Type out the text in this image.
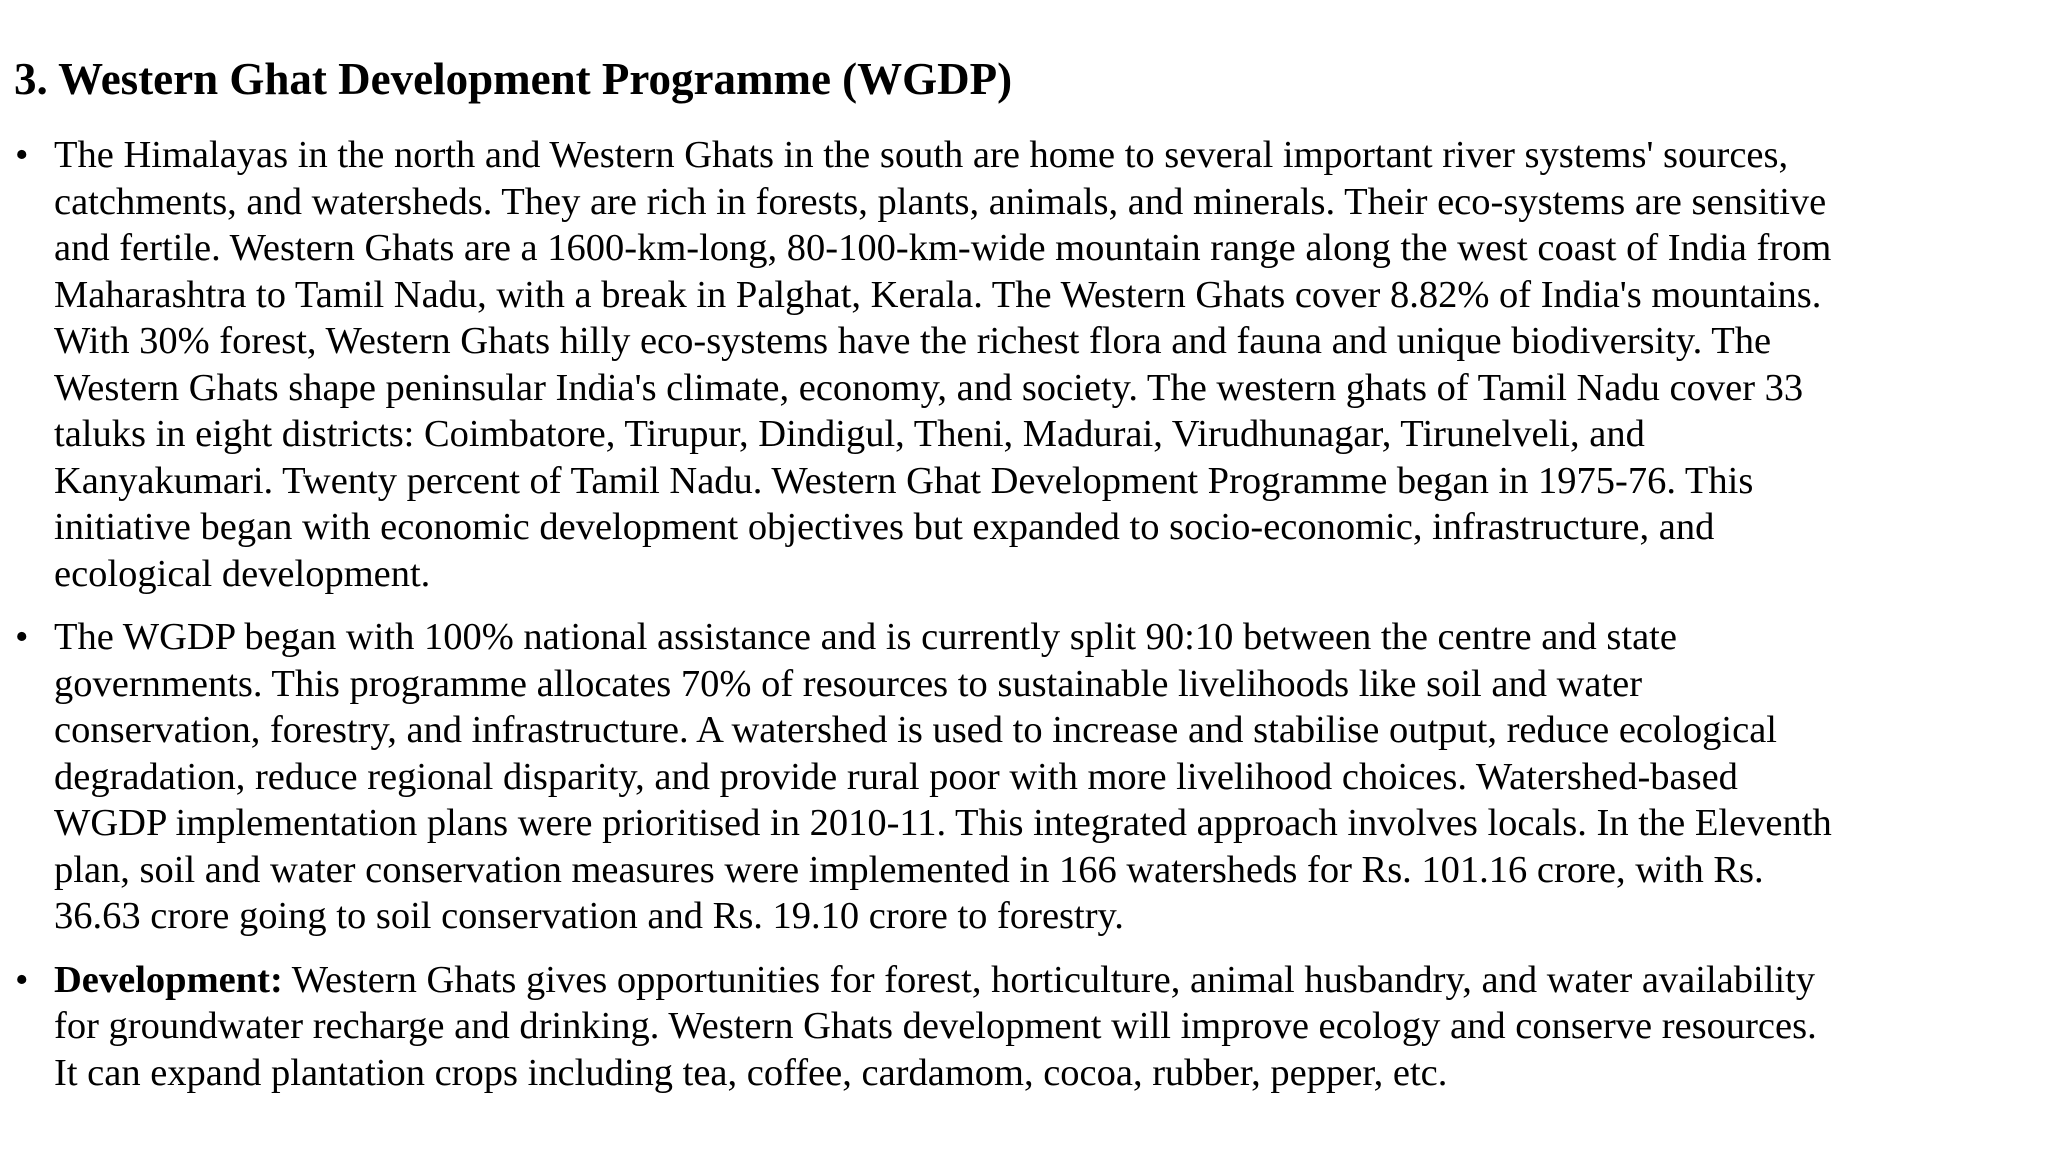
3. Western Ghat Development Programme (WGDP)
• The Himalayas in the north and Western Ghats in the south are home to several important river systems' sources,
catchments, and watersheds. They are rich in forests, plants, animals, and minerals. Their eco-systems are sensitive
and fertile. Western Ghats are a 1600-km-long, 80-100-km-wide mountain range along the west coast of India from
Maharashtra to Tamil Nadu, with a break in Palghat, Kerala. The Western Ghats cover 8.82% of India's mountains.
With 30% forest, Western Ghats hilly eco-systems have the richest flora and fauna and unique biodiversity. The
Western Ghats shape peninsular India's climate, economy, and society. The western ghats of Tamil Nadu cover 33
taluks in eight districts: Coimbatore, Tirupur, Dindigul, Theni, Madurai, Virudhunagar, Tirunelveli, and
Kanyakumari. Twenty percent of Tamil Nadu. Western Ghat Development Programme began in 1975-76. This
initiative began with economic development objectives but expanded to socio-economic, infrastructure, and
ecological development.
• The WGDP began with 100% national assistance and is currently split 90:10 between the centre and state
governments. This programme allocates 70% of resources to sustainable livelihoods like soil and water
conservation, forestry, and infrastructure. A watershed is used to increase and stabilise output, reduce ecological
degradation, reduce regional disparity, and provide rural poor with more livelihood choices. Watershed-based
WGDP implementation plans were prioritised in 2010-11. This integrated approach involves locals. In the Eleventh
plan, soil and water conservation measures were implemented in 166 watersheds for Rs. 101.16 crore, with Rs.
36.63 crore going to soil conservation and Rs. 19.10 crore to forestry.
• Development: Western Ghats gives opportunities for forest, horticulture, animal husbandry, and water availability
for groundwater recharge and drinking. Western Ghats development will improve ecology and conserve resources.
It can expand plantation crops including tea, coffee, cardamom, cocoa, rubber, pepper, etc.
